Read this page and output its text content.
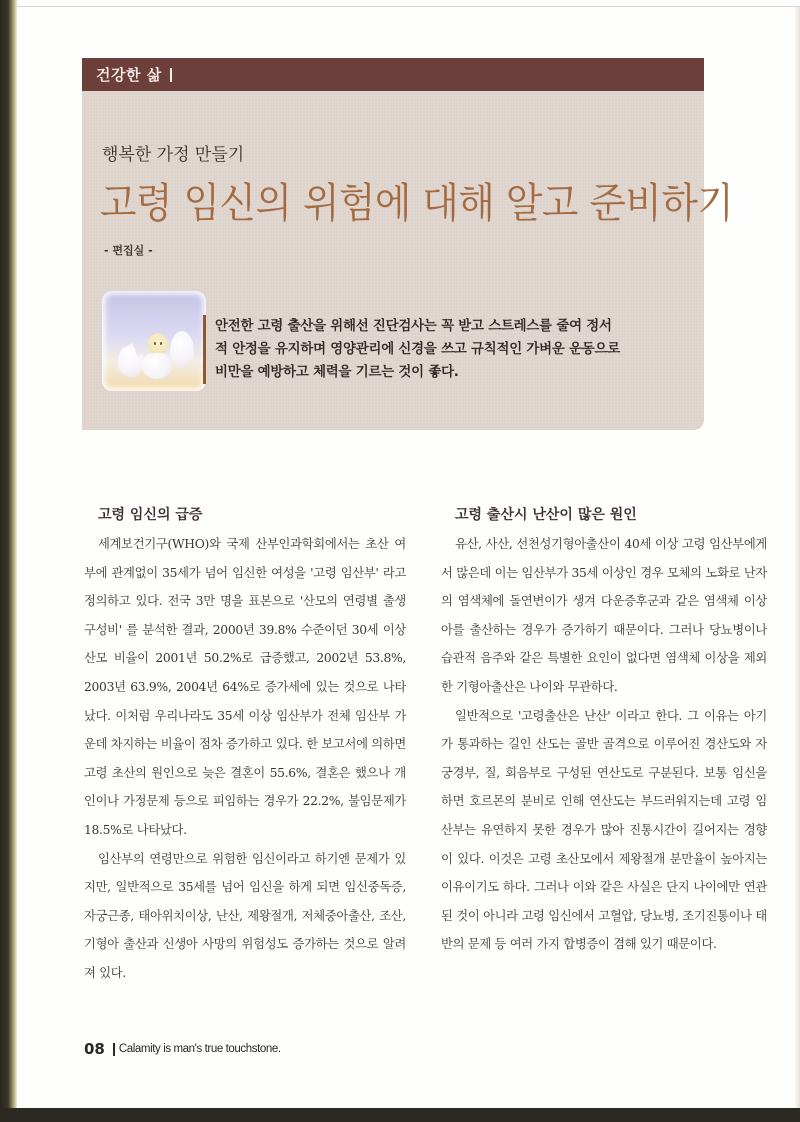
건강한 삶
행복한 가정 만들기
고령 임신의 위험에 대해 알고 준비하기
- 편집실 -
안전한 고령 출산을 위해선 진단검사는 꼭 받고 스트레스를 줄여 정서적 안정을 유지하며 영양관리에 신경을 쓰고 규칙적인 가벼운 운동으로 비만을 예방하고 체력을 기르는 것이 좋다.
고령 임신의 급증

세계보건기구(WHO)와 국제 산부인과학회에서는 초산 여부에 관계없이 35세가 넘어 임신한 여성을 '고령 임산부' 라고 정의하고 있다. 전국 3만 명을 표본으로 '산모의 연령별 출생 구성비' 를 분석한 결과, 2000년 39.8% 수준이던 30세 이상 산모 비율이 2001년 50.2%로 급증했고, 2002년 53.8%, 2003년 63.9%, 2004년 64%로 증가세에 있는 것으로 나타났다. 이처럼 우리나라도 35세 이상 임산부가 전체 임산부 가운데 차지하는 비율이 점차 증가하고 있다. 한 보고서에 의하면 고령 초산의 원인으로 늦은 결혼이 55.6%, 결혼은 했으나 개인이나 가정문제 등으로 피임하는 경우가 22.2%, 불임문제가 18.5%로 나타났다.

임산부의 연령만으로 위험한 임신이라고 하기엔 문제가 있지만, 일반적으로 35세를 넘어 임신을 하게 되면 임신중독증, 자궁근종, 태아위치이상, 난산, 제왕절개, 저체중아출산, 조산, 기형아 출산과 신생아 사망의 위험성도 증가하는 것으로 알려져 있다.

고령 출산시 난산이 많은 원인

유산, 사산, 선천성기형아출산이 40세 이상 고령 임산부에게서 많은데 이는 임산부가 35세 이상인 경우 모체의 노화로 난자의 염색체에 돌연변이가 생겨 다운증후군과 같은 염색체 이상아를 출산하는 경우가 증가하기 때문이다. 그러나 당뇨병이나 습관적 음주와 같은 특별한 요인이 없다면 염색체 이상을 제외한 기형아출산은 나이와 무관하다.

일반적으로 '고령출산은 난산' 이라고 한다. 그 이유는 아기가 통과하는 길인 산도는 골반 골격으로 이루어진 경산도와 자궁경부, 질, 회음부로 구성된 연산도로 구분된다. 보통 임신을 하면 호르몬의 분비로 인해 연산도는 부드러워지는데 고령 임산부는 유연하지 못한 경우가 많아 진통시간이 길어지는 경향이 있다. 이것은 고령 초산모에서 제왕절개 분만율이 높아지는 이유이기도 하다. 그러나 이와 같은 사실은 단지 나이에만 연관된 것이 아니라 고령 임신에서 고혈압, 당뇨병, 조기진통이나 태반의 문제 등 여러 가지 합병증이 겸해 있기 때문이다.

08 Calamity is man's true touchstone.
